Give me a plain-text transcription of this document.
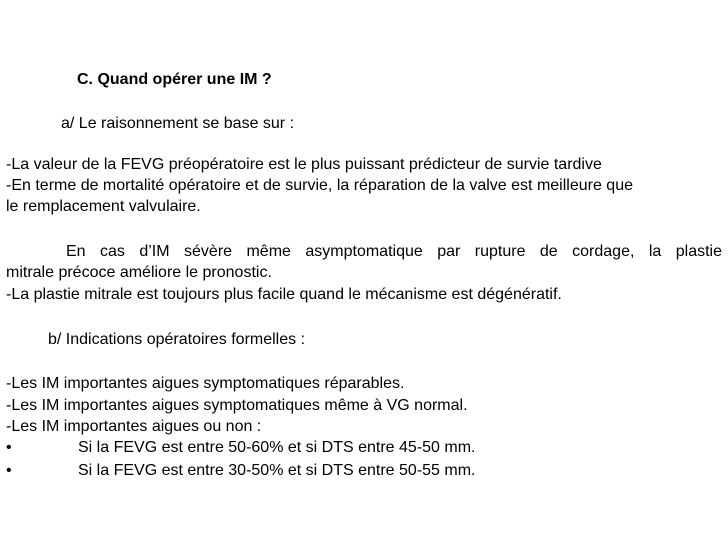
C. Quand opérer une IM ?
a/ Le raisonnement se base sur :
-La valeur de la FEVG préopératoire est le plus puissant prédicteur de survie tardive
-En terme de mortalité opératoire et de survie, la réparation de la valve est meilleure que
le remplacement valvulaire.
En cas d’IM sévère même asymptomatique par rupture de cordage, la plastie
mitrale précoce améliore le pronostic.
-La plastie mitrale est toujours plus facile quand le mécanisme est dégénératif.
b/ Indications opératoires formelles :
-Les IM importantes aigues symptomatiques réparables.
-Les IM importantes aigues symptomatiques même à VG normal.
-Les IM importantes aigues ou non :
•	Si la FEVG est entre 50-60% et si DTS entre 45-50 mm.
•	Si la FEVG est entre 30-50% et si DTS entre 50-55 mm.
